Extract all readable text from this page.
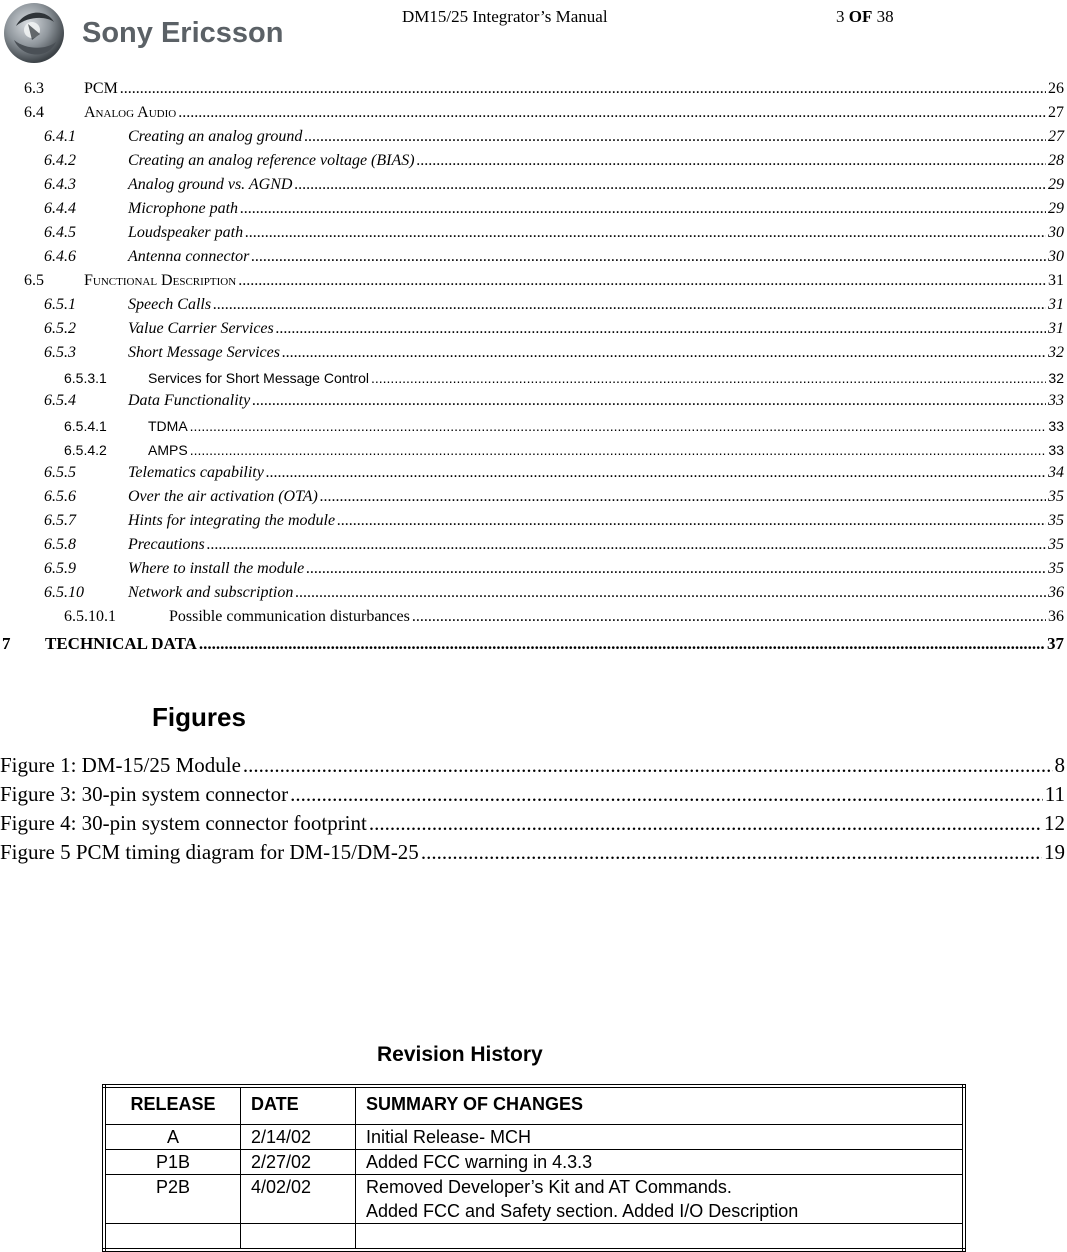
Sony Ericsson
DM15/25 Integrator’s Manual	3 OF 38
6.3	PCM .....	26
6.4	Analog Audio .....	27
6.4.1	Creating an analog ground .....	27
6.4.2	Creating an analog reference voltage (BIAS) .....	28
6.4.3	Analog ground vs. AGND .....	29
6.4.4	Microphone path .....	29
6.4.5	Loudspeaker path .....	30
6.4.6	Antenna connector .....	30
6.5	Functional Description .....	31
6.5.1	Speech Calls .....	31
6.5.2	Value Carrier Services .....	31
6.5.3	Short Message Services .....	32
6.5.3.1	Services for Short Message Control .....	32
6.5.4	Data Functionality .....	33
6.5.4.1	TDMA .....	33
6.5.4.2	AMPS .....	33
6.5.5	Telematics capability .....	34
6.5.6	Over the air activation (OTA) .....	35
6.5.7	Hints for integrating the module .....	35
6.5.8	Precautions .....	35
6.5.9	Where to install the module .....	35
6.5.10	Network and subscription .....	36
6.5.10.1	Possible communication disturbances .....	36
7	TECHNICAL DATA .....	37
Figures
Figure 1: DM-15/25 Module .....	8
Figure 3: 30-pin system connector .....	11
Figure 4: 30-pin system connector footprint .....	12
Figure 5 PCM timing diagram for DM-15/DM-25 .....	19
Revision History
RELEASE	DATE	SUMMARY OF CHANGES
A	2/14/02	Initial Release- MCH

P1B	2/27/02	Added FCC warning in 4.3.3

P2B	4/02/02	Removed Developer’s Kit and AT Commands.
Added FCC and Safety section. Added I/O Description
